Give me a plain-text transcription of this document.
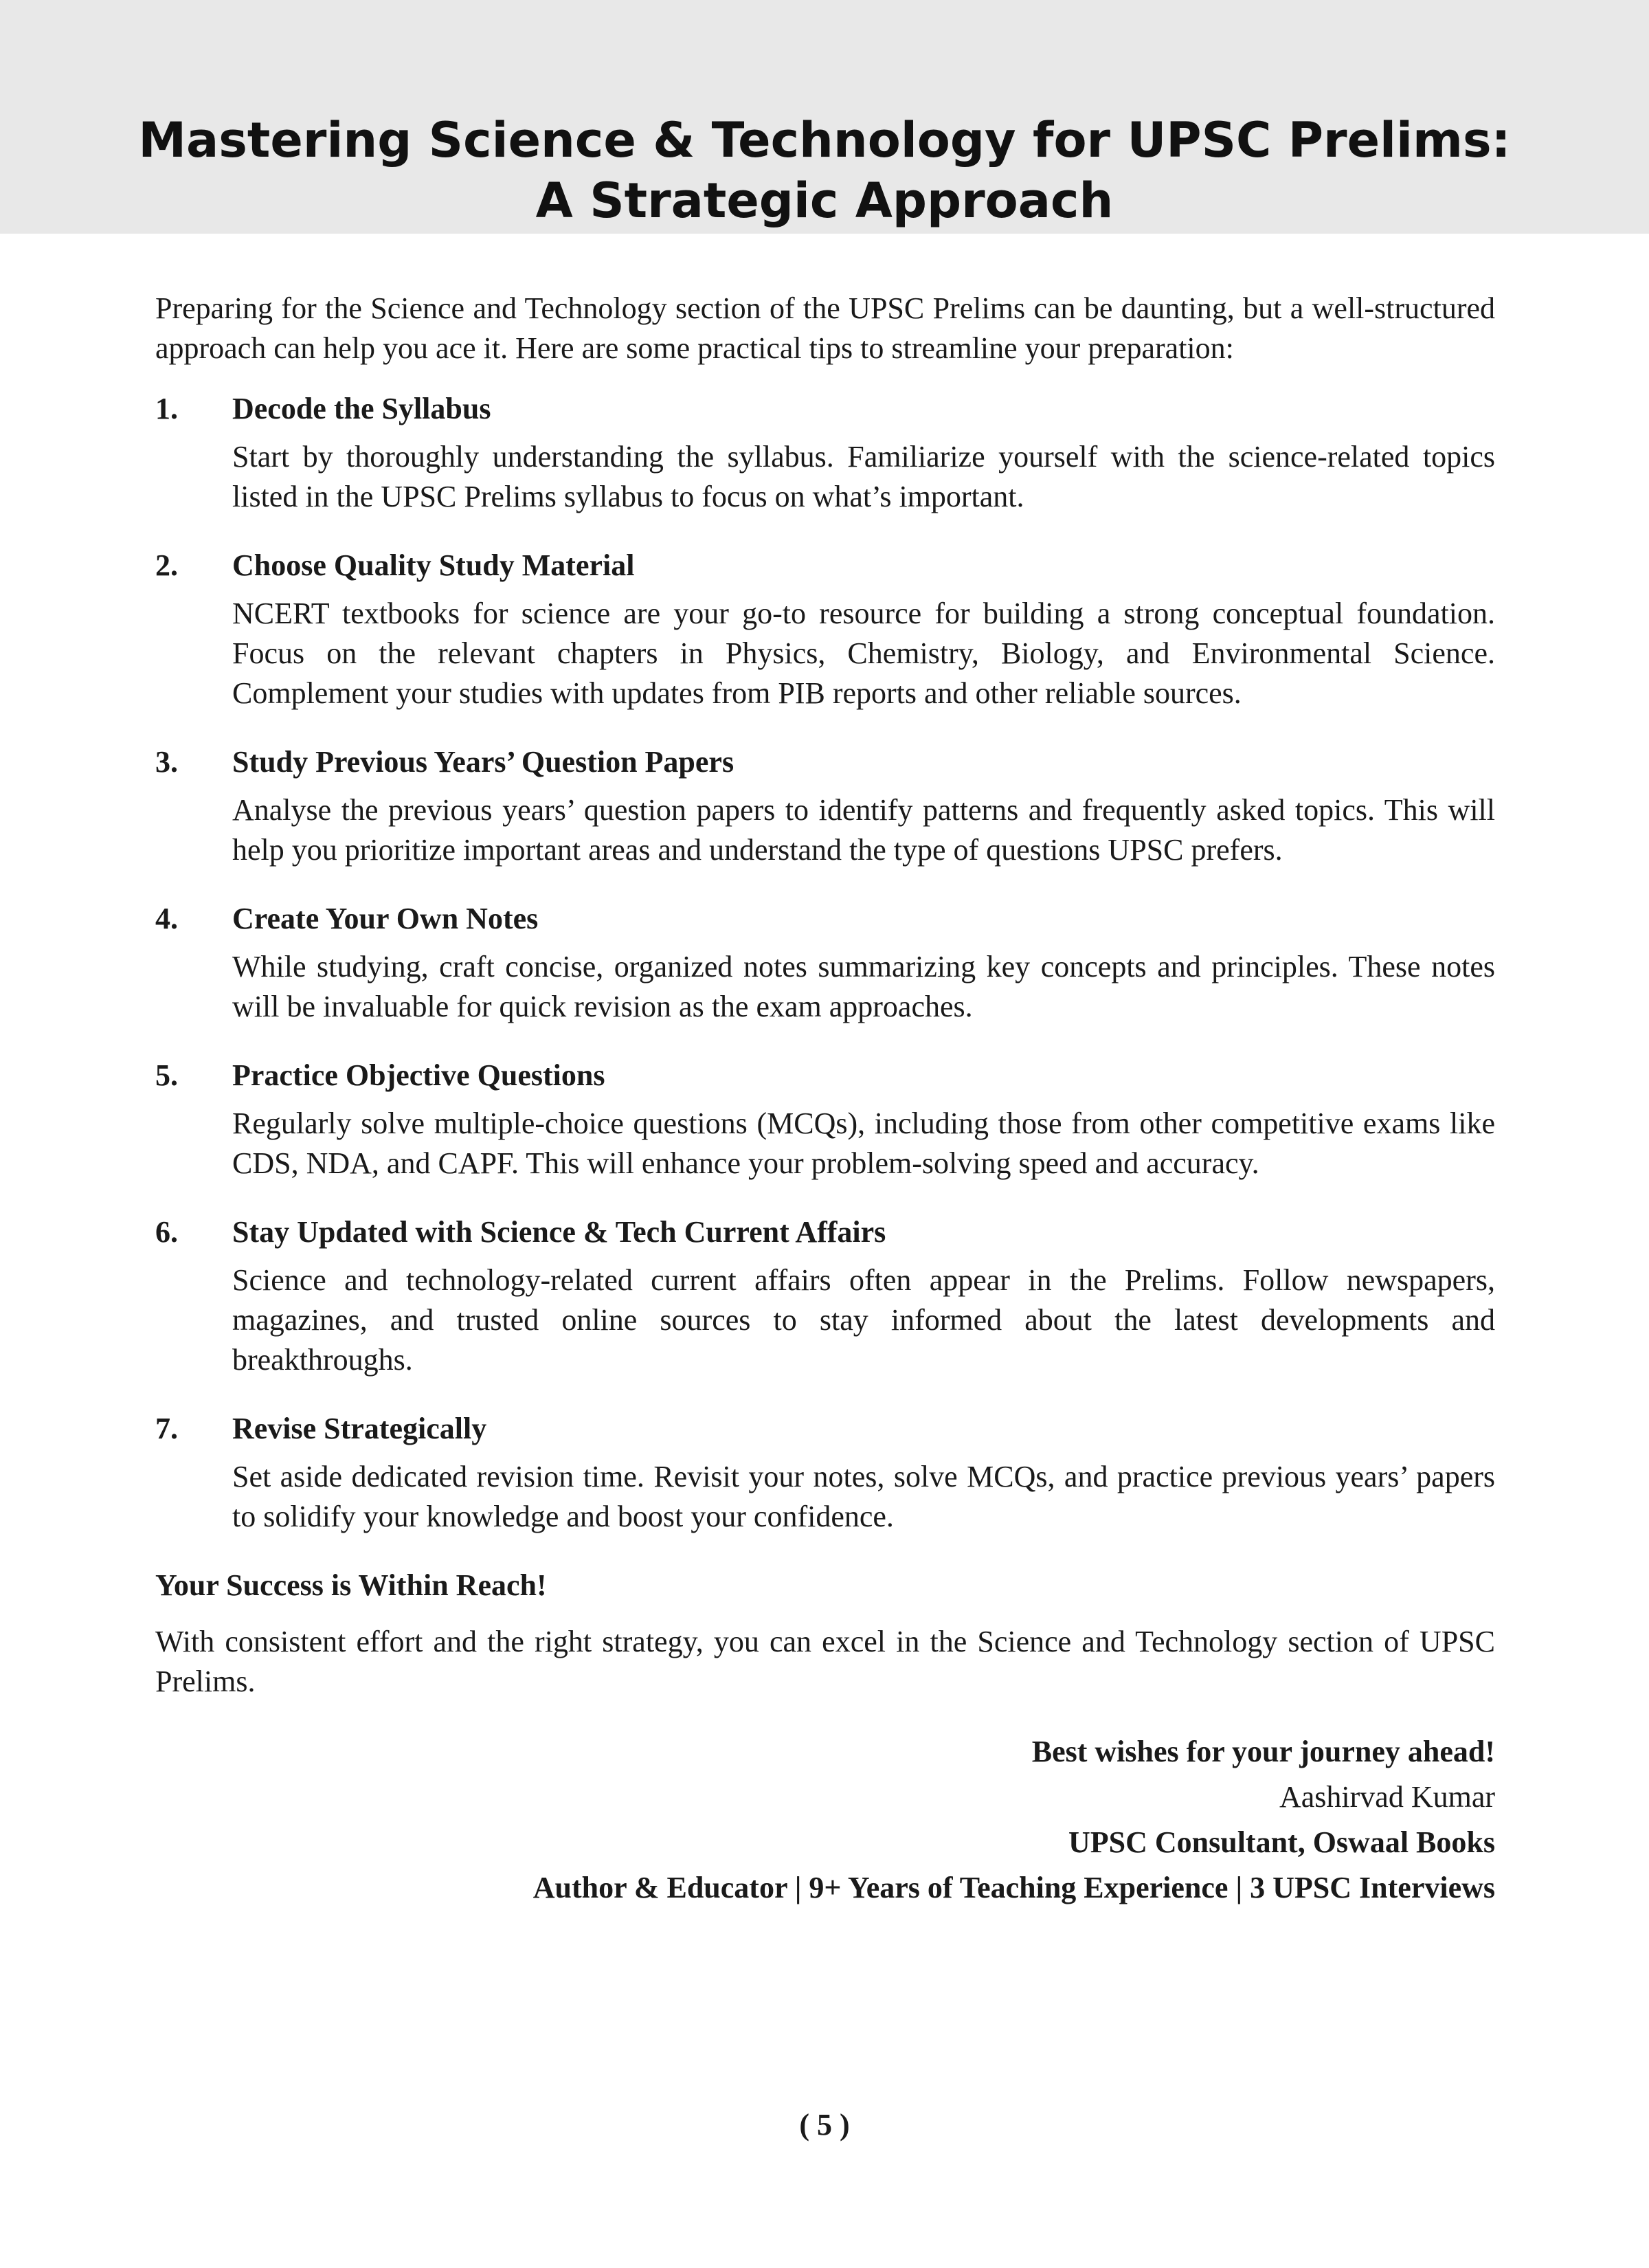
Mastering Science & Technology for UPSC Prelims:
A Strategic Approach

Preparing for the Science and Technology section of the UPSC Prelims can be daunting, but a well-structured approach can help you ace it. Here are some practical tips to streamline your preparation:

1. Decode the Syllabus

Start by thoroughly understanding the syllabus. Familiarize yourself with the science-related topics listed in the UPSC Prelims syllabus to focus on what’s important.

2. Choose Quality Study Material

NCERT textbooks for science are your go-to resource for building a strong conceptual foundation. Focus on the relevant chapters in Physics, Chemistry, Biology, and Environmental Science. Complement your studies with updates from PIB reports and other reliable sources.

3. Study Previous Years’ Question Papers

Analyse the previous years’ question papers to identify patterns and frequently asked topics. This will help you prioritize important areas and understand the type of questions UPSC prefers.

4. Create Your Own Notes

While studying, craft concise, organized notes summarizing key concepts and principles. These notes will be invaluable for quick revision as the exam approaches.

5. Practice Objective Questions

Regularly solve multiple-choice questions (MCQs), including those from other competitive exams like CDS, NDA, and CAPF. This will enhance your problem-solving speed and accuracy.

6. Stay Updated with Science & Tech Current Affairs

Science and technology-related current affairs often appear in the Prelims. Follow newspapers, magazines, and trusted online sources to stay informed about the latest developments and breakthroughs.

7. Revise Strategically

Set aside dedicated revision time. Revisit your notes, solve MCQs, and practice previous years’ papers to solidify your knowledge and boost your confidence.

Your Success is Within Reach!

With consistent effort and the right strategy, you can excel in the Science and Technology section of UPSC Prelims.

Best wishes for your journey ahead!
Aashirvad Kumar
UPSC Consultant, Oswaal Books
Author & Educator | 9+ Years of Teaching Experience | 3 UPSC Interviews
( 5 )
